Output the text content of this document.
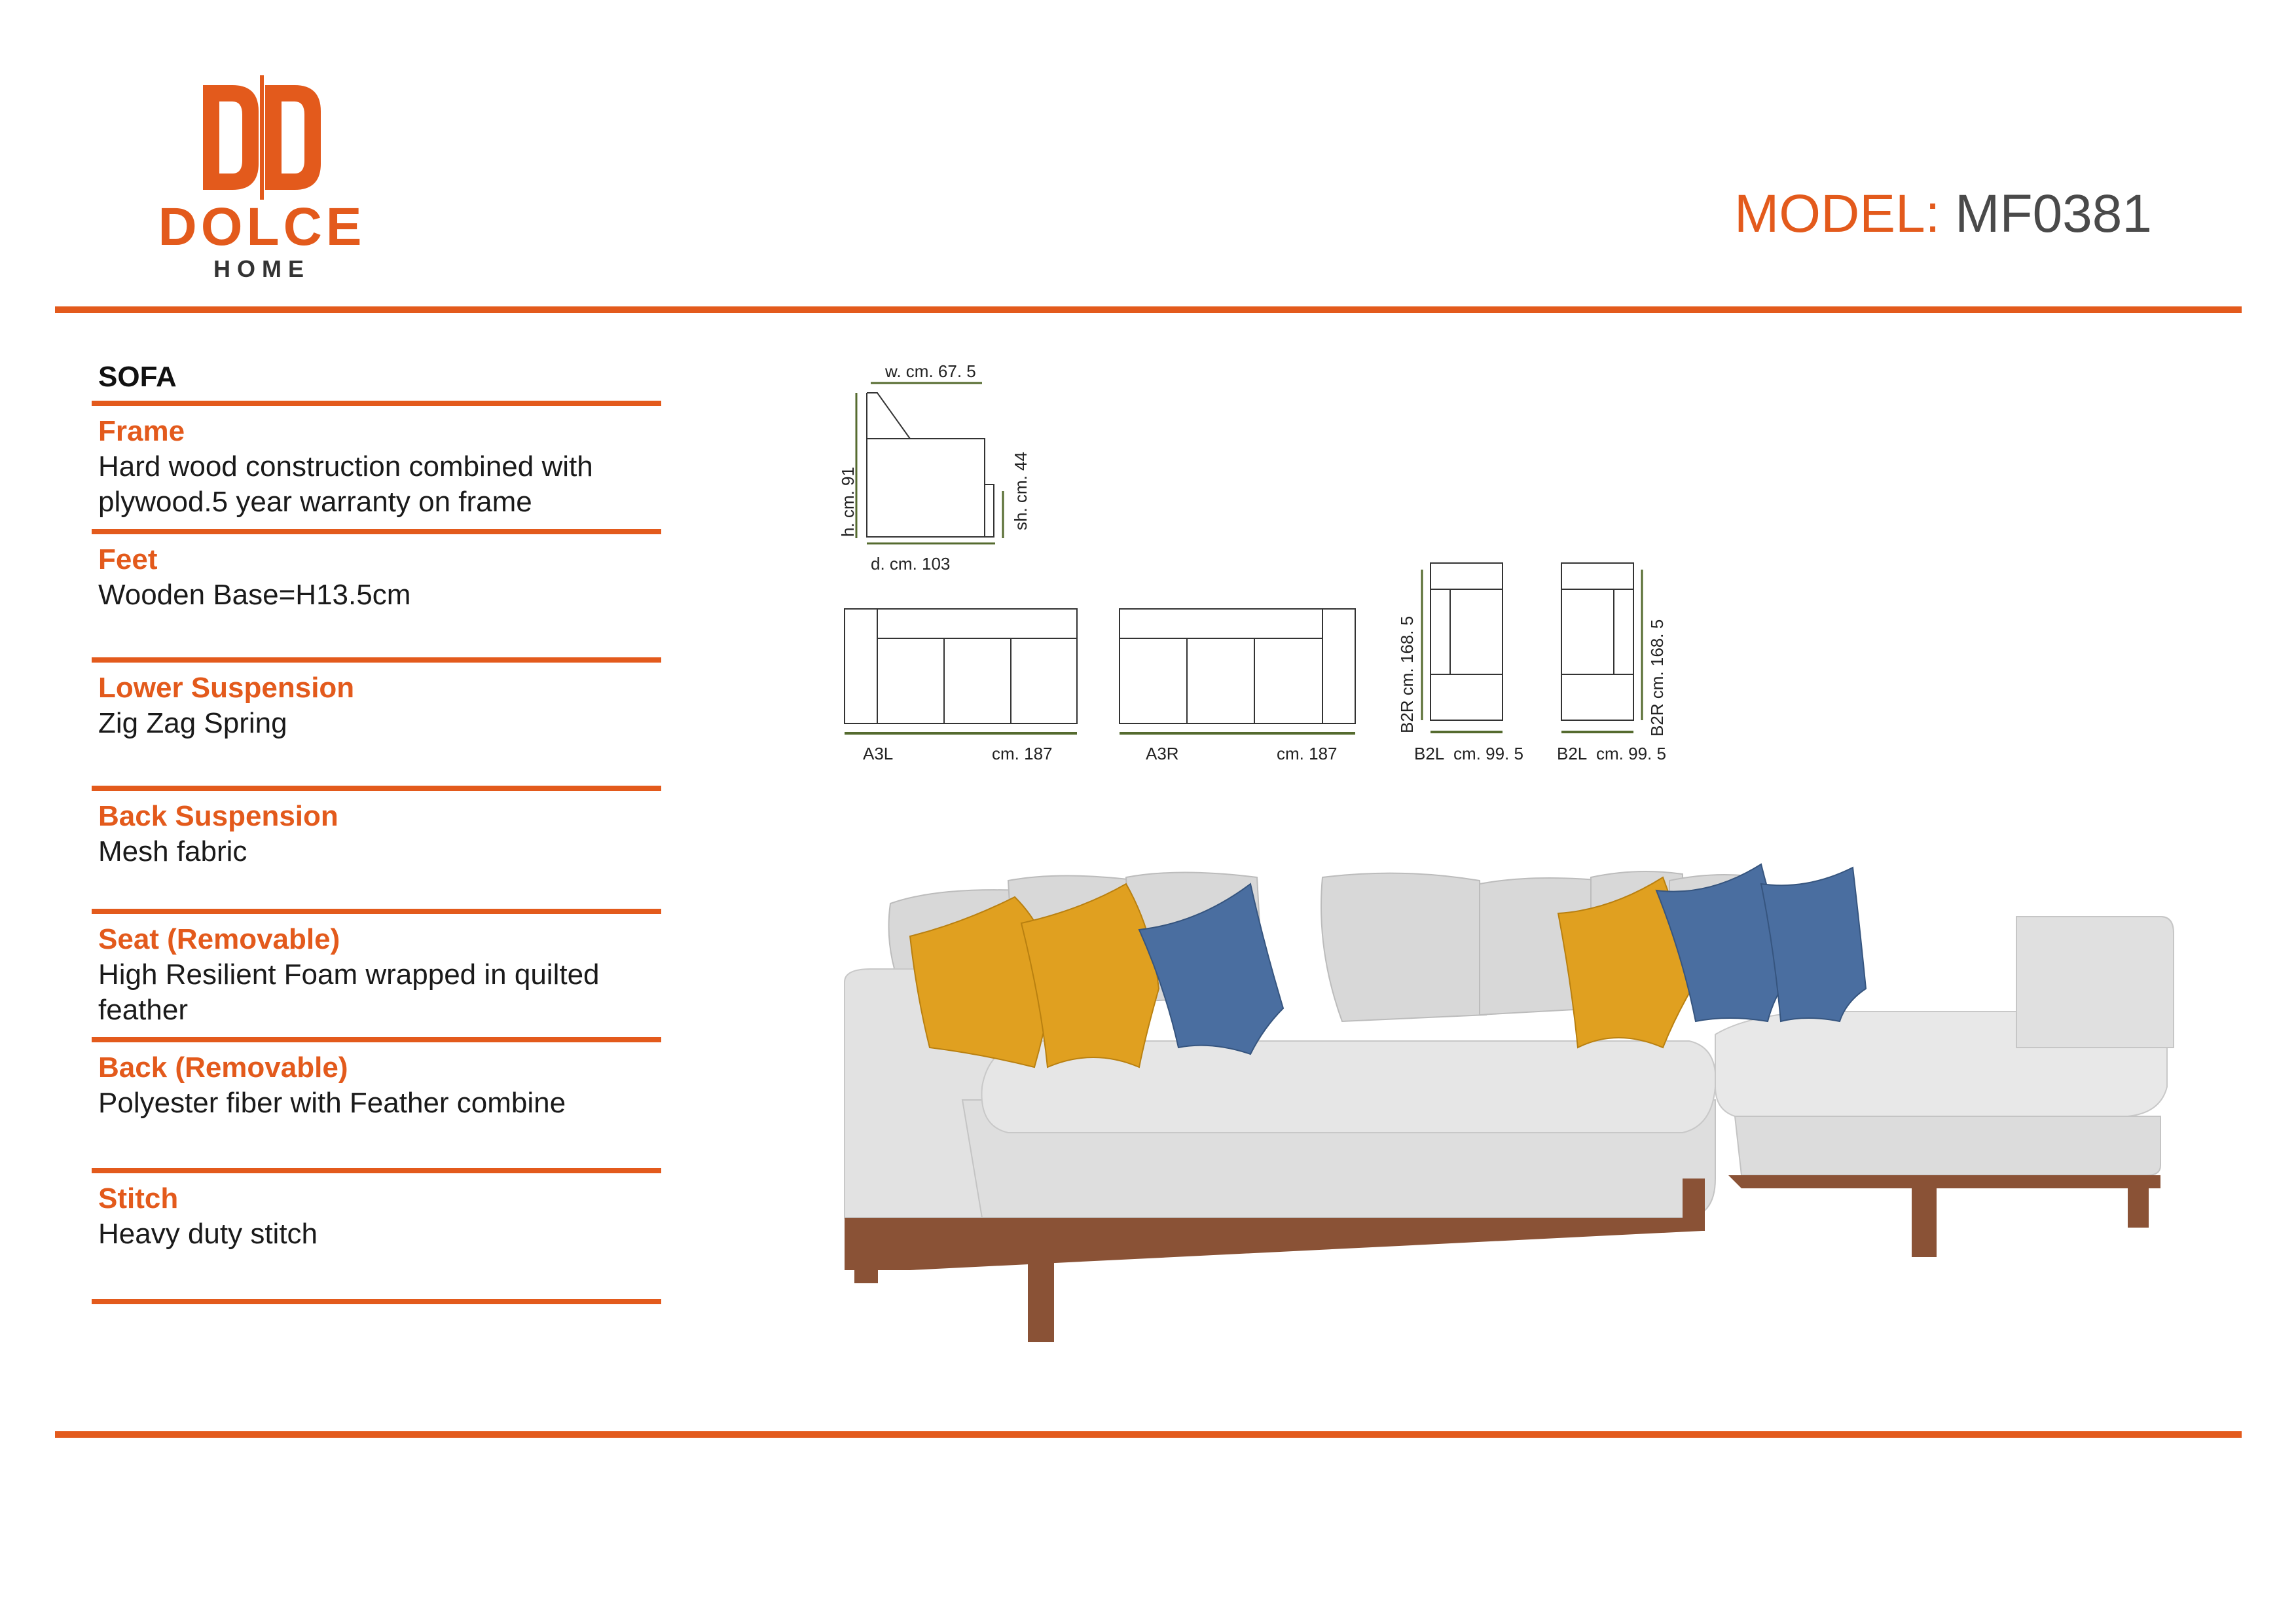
DOLCE
HOME
MODEL: MF0381
SOFA
Frame
Hard wood construction combined with
plywood.5 year warranty on frame
Feet
Wooden Base=H13.5cm
Lower Suspension
Zig Zag Spring
Back Suspension
Mesh fabric
Seat (Removable)
High Resilient Foam wrapped in quilted
feather
Back (Removable)
Polyester fiber with Feather combine
Stitch
Heavy duty stitch
w. cm. 67. 5
h. cm. 91	sh. cm. 44
d. cm. 103
A3L	cm. 187	A3R	cm. 187
B2R cm. 168. 5
B2L cm. 99. 5
B2R cm. 168. 5
B2L cm. 99. 5
